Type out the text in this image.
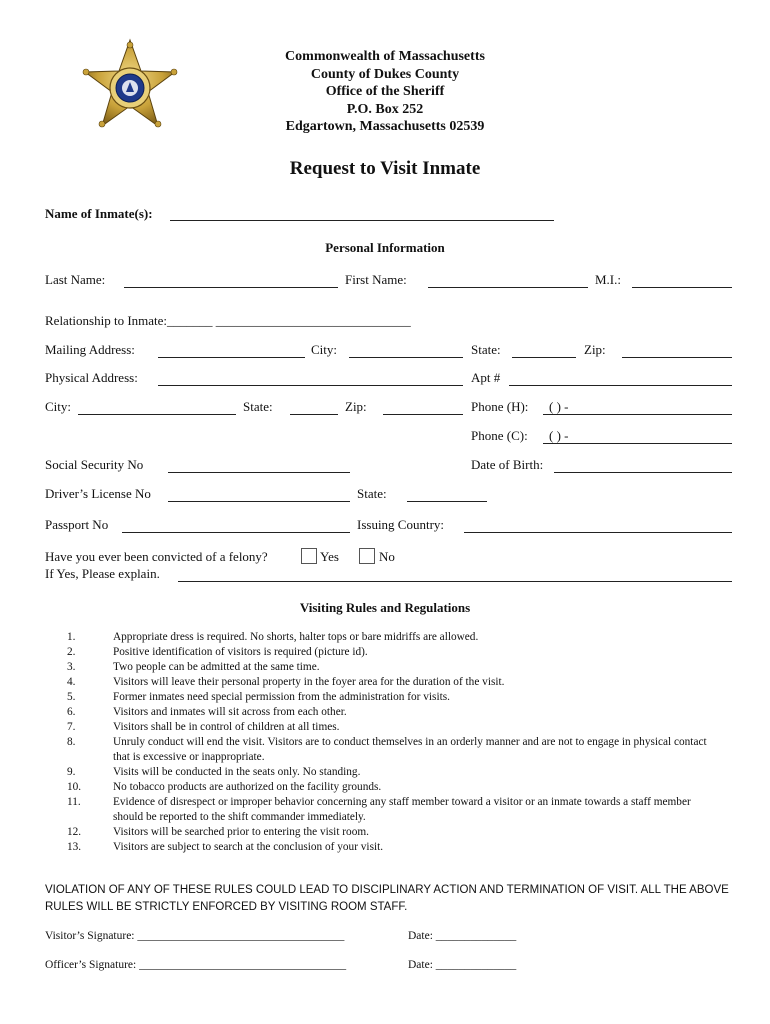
Commonwealth of Massachusetts
County of Dukes County
Office of the Sheriff
P.O. Box 252
Edgartown, Massachusetts 02539
Request to Visit Inmate
Name of Inmate(s):
Personal Information
Last Name:	First Name:	M.I.:
Relationship to Inmate:_______ ______________________________
Mailing Address:	City:	State:	Zip:
Physical Address:	Apt #
City:	State:	Zip:	Phone (H):	( ) -
Phone (C):	( ) -
Social Security No	Date of Birth:
Driver’s License No	State:
Passport No	Issuing Country:
Have you ever been convicted of a felony?	Yes	No
If Yes, Please explain.
Visiting Rules and Regulations
1.	Appropriate dress is required. No shorts, halter tops or bare midriffs are allowed.
2.	Positive identification of visitors is required (picture id).
3.	Two people can be admitted at the same time.
4.	Visitors will leave their personal property in the foyer area for the duration of the visit.
5.	Former inmates need special permission from the administration for visits.
6.	Visitors and inmates will sit across from each other.
7.	Visitors shall be in control of children at all times.
8.	Unruly conduct will end the visit. Visitors are to conduct themselves in an orderly manner and are not to engage in physical contact that is excessive or inappropriate.
9.	Visits will be conducted in the seats only. No standing.
10.	No tobacco products are authorized on the facility grounds.
11.	Evidence of disrespect or improper behavior concerning any staff member toward a visitor or an inmate towards a staff member should be reported to the shift commander immediately.
12.	Visitors will be searched prior to entering the visit room.
13.	Visitors are subject to search at the conclusion of your visit.
VIOLATION OF ANY OF THESE RULES COULD LEAD TO DISCIPLINARY ACTION AND TERMINATION OF VISIT. ALL THE ABOVE RULES WILL BE STRICTLY ENFORCED BY VISITING ROOM STAFF.
Visitor’s Signature: ____________________________________	Date: ______________
Officer’s Signature: ____________________________________	Date: ______________
